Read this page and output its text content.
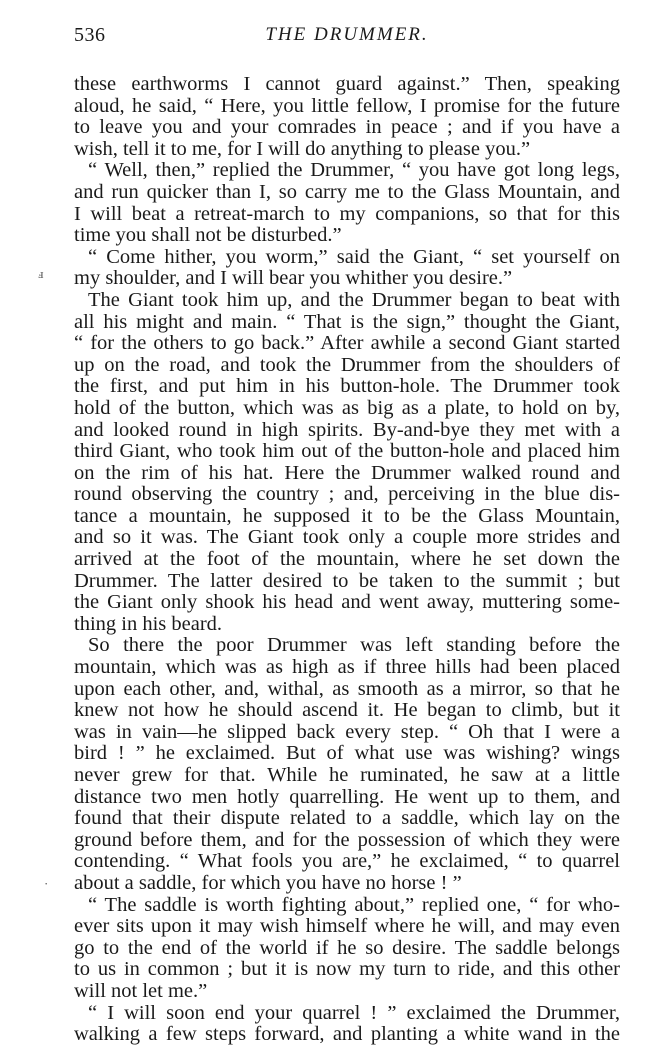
536	THE DRUMMER.
ⅎ
·
these earthworms I cannot guard against.” Then, speaking
aloud, he said, “ Here, you little fellow, I promise for the future
to leave you and your comrades in peace ; and if you have a
wish, tell it to me, for I will do anything to please you.”
“ Well, then,” replied the Drummer, “ you have got long legs,
and run quicker than I, so carry me to the Glass Mountain, and
I will beat a retreat-march to my companions, so that for this
time you shall not be disturbed.”
“ Come hither, you worm,” said the Giant, “ set yourself on
my shoulder, and I will bear you whither you desire.”
The Giant took him up, and the Drummer began to beat with
all his might and main. “ That is the sign,” thought the Giant,
“ for the others to go back.” After awhile a second Giant started
up on the road, and took the Drummer from the shoulders of
the first, and put him in his button-hole. The Drummer took
hold of the button, which was as big as a plate, to hold on by,
and looked round in high spirits. By-and-bye they met with a
third Giant, who took him out of the button-hole and placed him
on the rim of his hat. Here the Drummer walked round and
round observing the country ; and, perceiving in the blue dis-
tance a mountain, he supposed it to be the Glass Mountain,
and so it was. The Giant took only a couple more strides and
arrived at the foot of the mountain, where he set down the
Drummer. The latter desired to be taken to the summit ; but
the Giant only shook his head and went away, muttering some-
thing in his beard.
So there the poor Drummer was left standing before the
mountain, which was as high as if three hills had been placed
upon each other, and, withal, as smooth as a mirror, so that he
knew not how he should ascend it. He began to climb, but it
was in vain—he slipped back every step. “ Oh that I were a
bird ! ” he exclaimed. But of what use was wishing? wings
never grew for that. While he ruminated, he saw at a little
distance two men hotly quarrelling. He went up to them, and
found that their dispute related to a saddle, which lay on the
ground before them, and for the possession of which they were
contending. “ What fools you are,” he exclaimed, “ to quarrel
about a saddle, for which you have no horse ! ”
“ The saddle is worth fighting about,” replied one, “ for who-
ever sits upon it may wish himself where he will, and may even
go to the end of the world if he so desire. The saddle belongs
to us in common ; but it is now my turn to ride, and this other
will not let me.”
“ I will soon end your quarrel ! ” exclaimed the Drummer,
walking a few steps forward, and planting a white wand in the
